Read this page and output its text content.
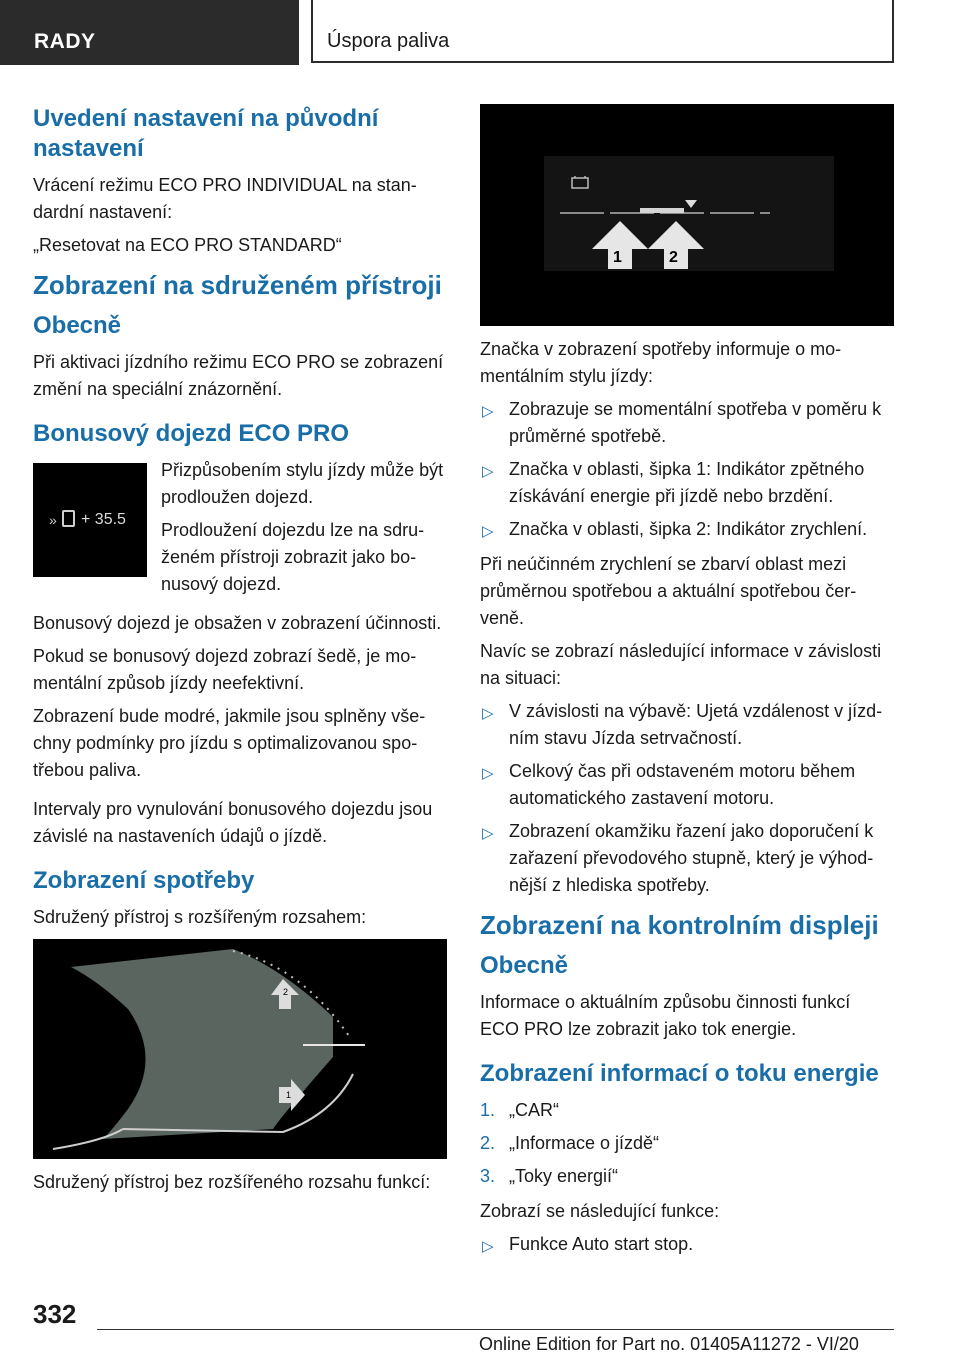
RADY	Úspora paliva
Uvedení nastavení na původní nastavení

Vrácení režimu ECO PRO INDIVIDUAL na standardní nastavení:

„Resetovat na ECO PRO STANDARD“

Zobrazení na sdruženém přístroji
Obecně

Při aktivaci jízdního režimu ECO PRO se zobrazení změní na speciální znázornění.

Bonusový dojezd ECO PRO
» + 35.5

Přizpůsobením stylu jízdy může být prodloužen dojezd.

Prodloužení dojezdu lze na sdruženém přístroji zobrazit jako bonusový dojezd.

Bonusový dojezd je obsažen v zobrazení účinnosti.

Pokud se bonusový dojezd zobrazí šedě, je momentální způsob jízdy neefektivní.

Zobrazení bude modré, jakmile jsou splněny všechny podmínky pro jízdu s optimalizovanou spotřebou paliva.

Intervaly pro vynulování bonusového dojezdu jsou závislé na nastaveních údajů o jízdě.

Zobrazení spotřeby

Sdružený přístroj s rozšířeným rozsahem:

2
1

Sdružený přístroj bez rozšířeného rozsahu funkcí:

1	2

Značka v zobrazení spotřeby informuje o momentálním stylu jízdy:

▷ Zobrazuje se momentální spotřeba v poměru k průměrné spotřebě.
▷ Značka v oblasti, šipka 1: Indikátor zpětného získávání energie při jízdě nebo brzdění.
▷ Značka v oblasti, šipka 2: Indikátor zrychlení.

Při neúčinném zrychlení se zbarví oblast mezi průměrnou spotřebou a aktuální spotřebou červeně.

Navíc se zobrazí následující informace v závislosti na situaci:

▷ V závislosti na výbavě: Ujetá vzdálenost v jízdním stavu Jízda setrvačností.
▷ Celkový čas při odstaveném motoru během automatického zastavení motoru.
▷ Zobrazení okamžiku řazení jako doporučení k zařazení převodového stupně, který je výhodnější z hlediska spotřeby.
Zobrazení na kontrolním displeji
Obecně

Informace o aktuálním způsobu činnosti funkcí ECO PRO lze zobrazit jako tok energie.

Zobrazení informací o toku energie
1. „CAR“
2. „Informace o jízdě“
3. „Toky energií“

Zobrazí se následující funkce:

▷ Funkce Auto start stop.
332
Online Edition for Part no. 01405A11272 - VI/20
